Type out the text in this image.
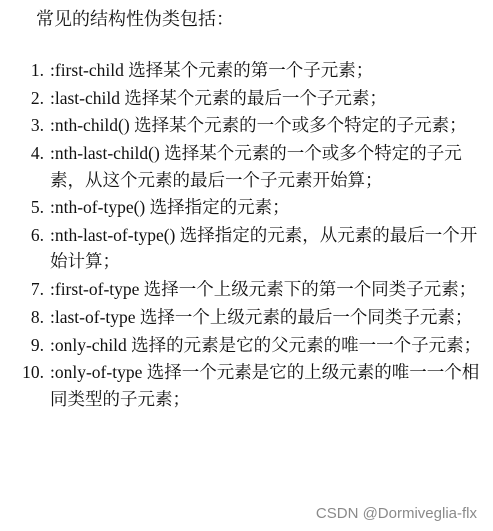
常见的结构性伪类包括：
1. :first-child 选择某个元素的第一个子元素；
2. :last-child 选择某个元素的最后一个子元素；
3. :nth-child() 选择某个元素的一个或多个特定的子元素；
4. :nth-last-child() 选择某个元素的一个或多个特定的子元素，从这个元素的最后一个子元素开始算；
5. :nth-of-type() 选择指定的元素；
6. :nth-last-of-type() 选择指定的元素，从元素的最后一个开始计算；
7. :first-of-type 选择一个上级元素下的第一个同类子元素；
8. :last-of-type 选择一个上级元素的最后一个同类子元素；
9. :only-child 选择的元素是它的父元素的唯一一个子元素；
10. :only-of-type 选择一个元素是它的上级元素的唯一一个相同类型的子元素；
CSDN @Dormiveglia-flx
